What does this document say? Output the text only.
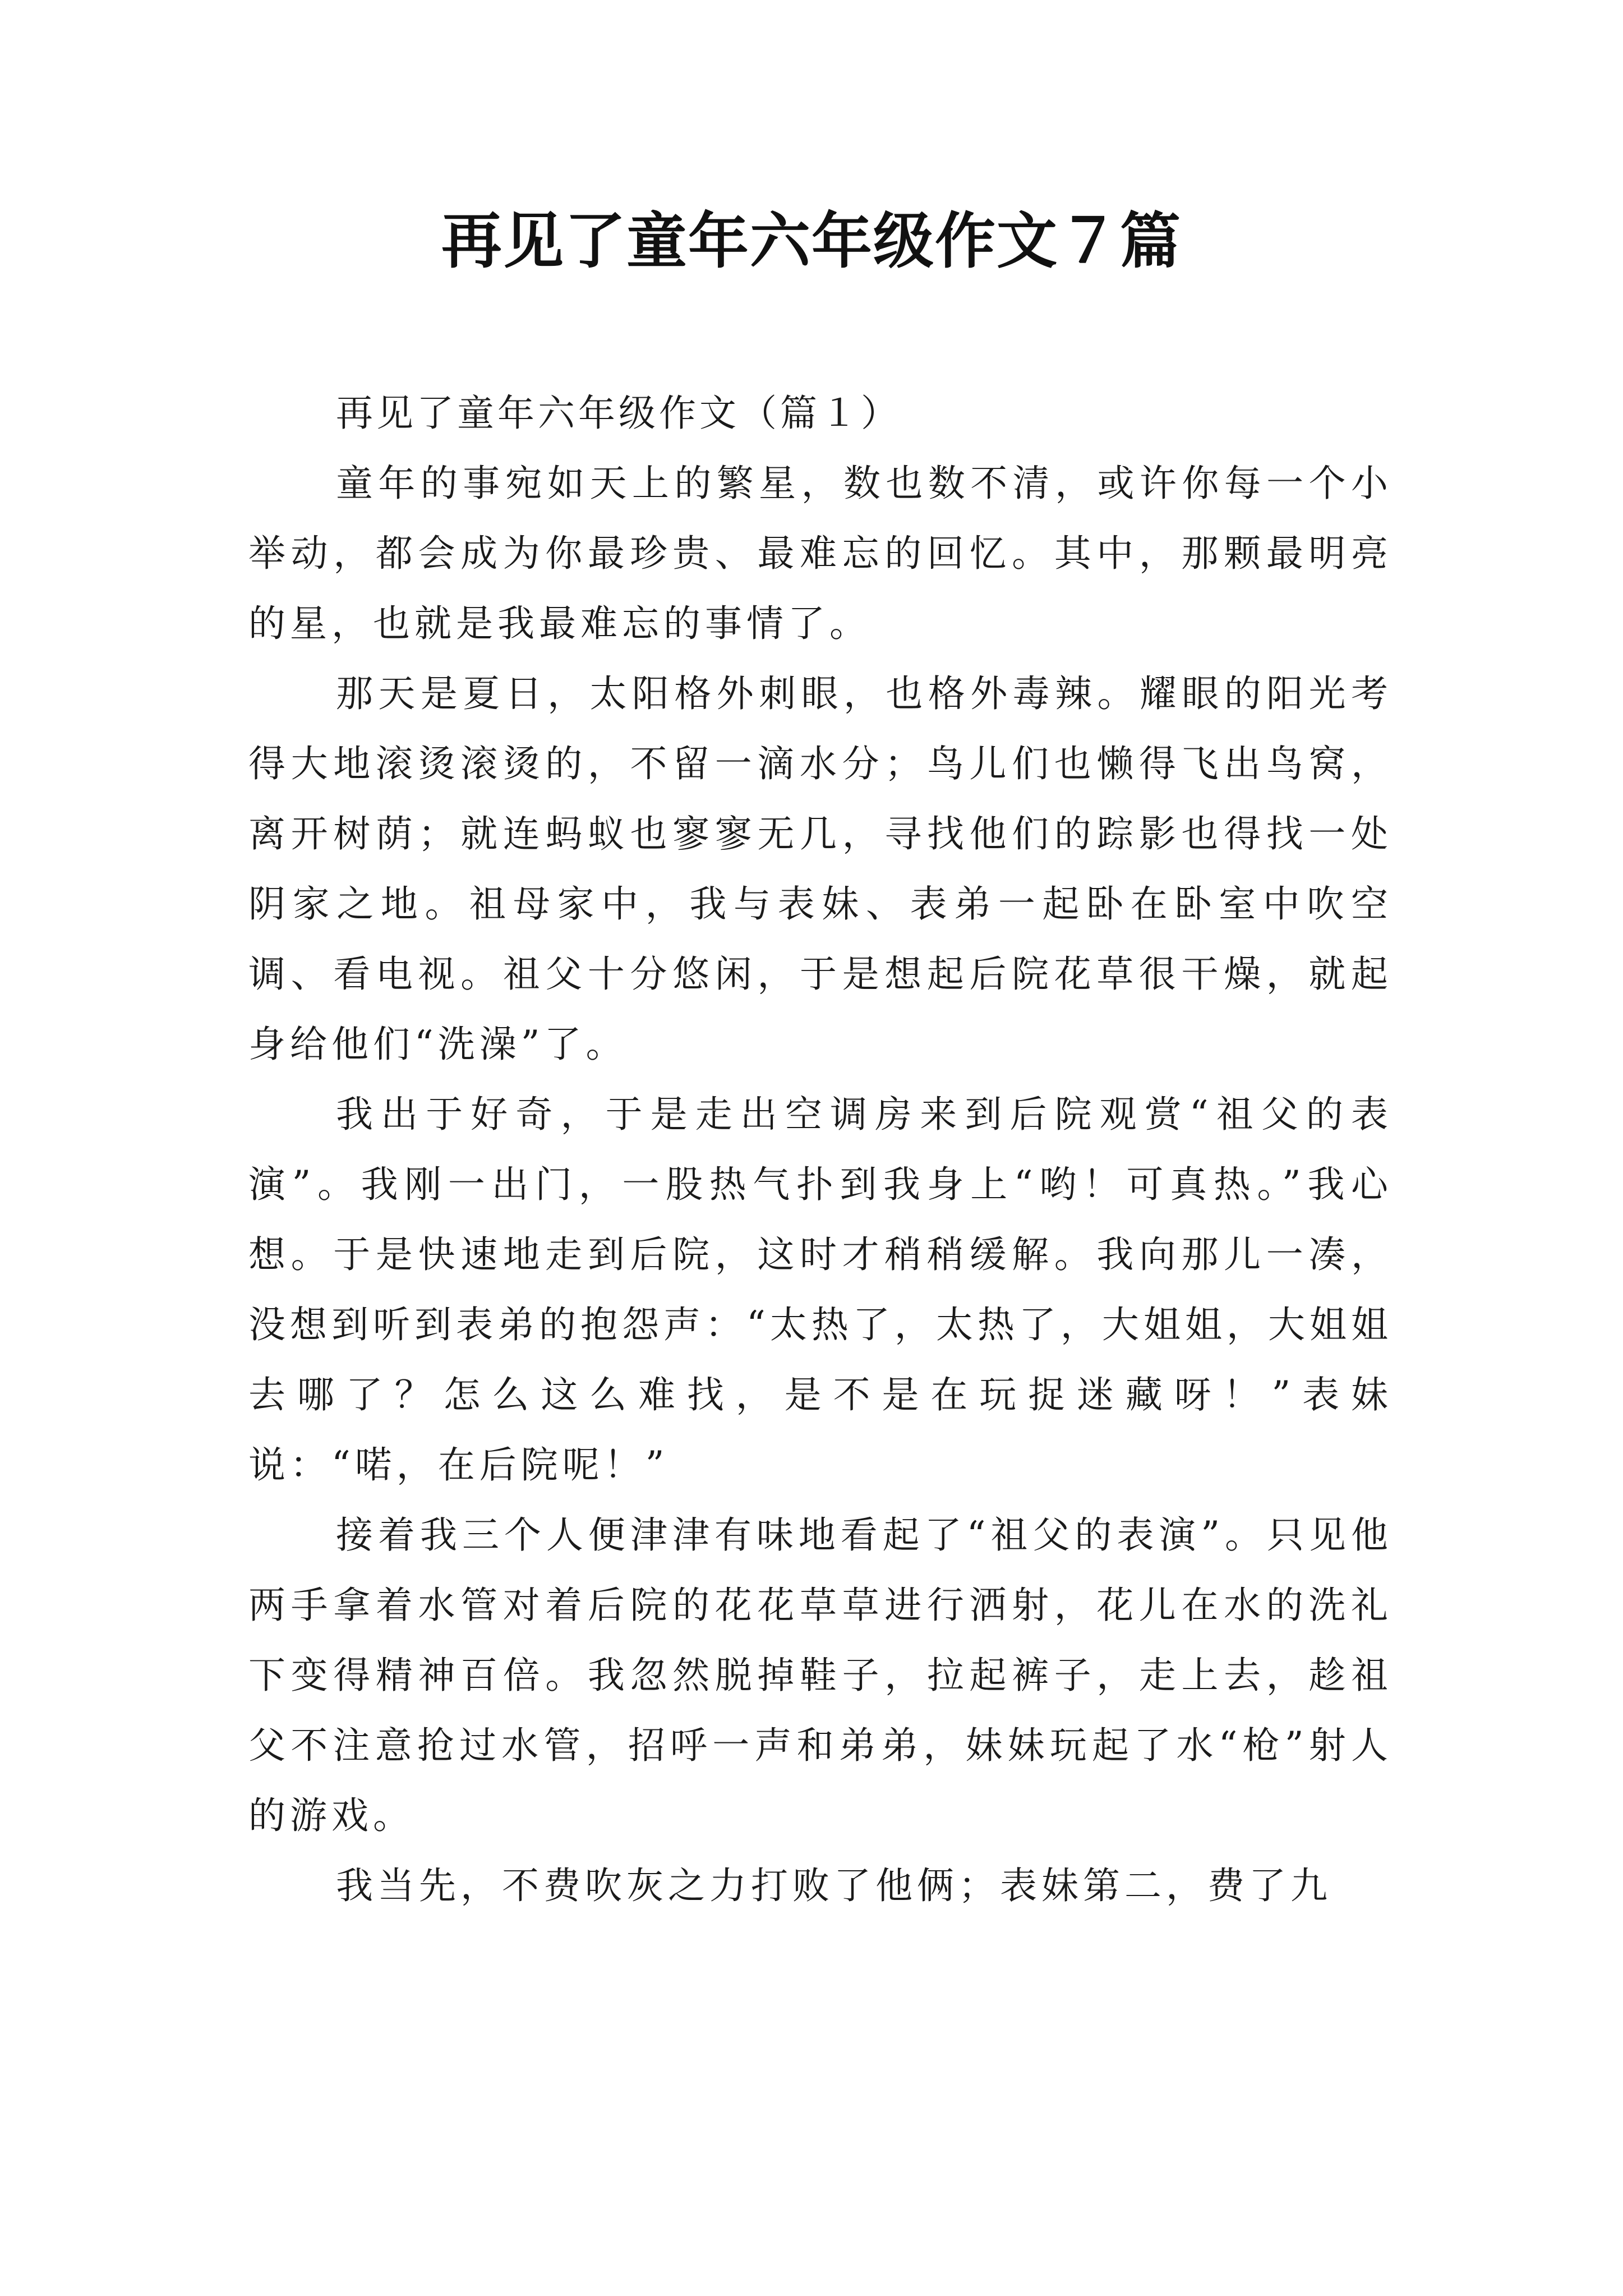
再见了童年六年级作文７篇

再见了童年六年级作文（篇１）

童年的事宛如天上的繁星，数也数不清，或许你每一个小举动，都会成为你最珍贵、最难忘的回忆。其中，那颗最明亮的星，也就是我最难忘的事情了。

那天是夏日，太阳格外刺眼，也格外毒辣。耀眼的阳光考得大地滚烫滚烫的，不留一滴水分；鸟儿们也懒得飞出鸟窝，离开树荫；就连蚂蚁也寥寥无几，寻找他们的踪影也得找一处阴家之地。祖母家中，我与表妹、表弟一起卧在卧室中吹空调、看电视。祖父十分悠闲，于是想起后院花草很干燥，就起身给他们“洗澡”了。

我出于好奇，于是走出空调房来到后院观赏“祖父的表演”。我刚一出门，一股热气扑到我身上“哟！可真热。”我心想。于是快速地走到后院，这时才稍稍缓解。我向那儿一凑，没想到听到表弟的抱怨声：“太热了，太热了，大姐姐，大姐姐去哪了？怎么这么难找，是不是在玩捉迷藏呀！”表妹说：“喏，在后院呢！”

接着我三个人便津津有味地看起了“祖父的表演”。只见他两手拿着水管对着后院的花花草草进行洒射，花儿在水的洗礼下变得精神百倍。我忽然脱掉鞋子，拉起裤子，走上去，趁祖父不注意抢过水管，招呼一声和弟弟，妹妹玩起了水“枪”射人的游戏。

我当先，不费吹灰之力打败了他俩；表妹第二，费了九
